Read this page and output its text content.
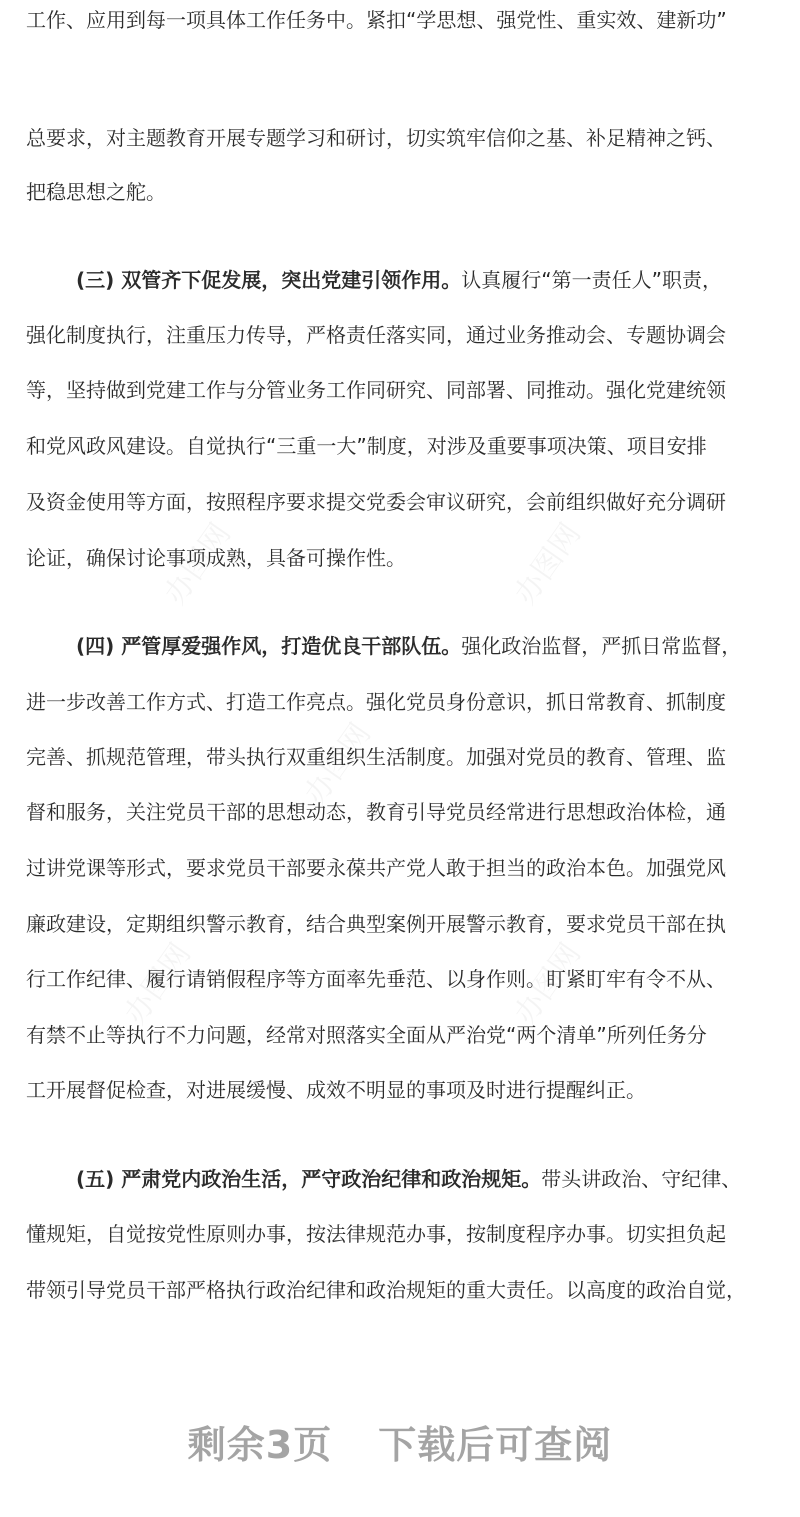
工作、应用到每一项具体工作任务中。紧扣“学思想、强党性、重实效、建新功”
总要求，对主题教育开展专题学习和研讨，切实筑牢信仰之基、补足精神之钙、
把稳思想之舵。
(三) 双管齐下促发展，突出党建引领作用。认真履行“第一责任人”职责，
强化制度执行，注重压力传导，严格责任落实同，通过业务推动会、专题协调会
等，坚持做到党建工作与分管业务工作同研究、同部署、同推动。强化党建统领
和党风政风建设。自觉执行“三重一大”制度，对涉及重要事项决策、项目安排
及资金使用等方面，按照程序要求提交党委会审议研究，会前组织做好充分调研
论证，确保讨论事项成熟，具备可操作性。
(四) 严管厚爱强作风，打造优良干部队伍。强化政治监督，严抓日常监督，
进一步改善工作方式、打造工作亮点。强化党员身份意识，抓日常教育、抓制度
完善、抓规范管理，带头执行双重组织生活制度。加强对党员的教育、管理、监
督和服务，关注党员干部的思想动态，教育引导党员经常进行思想政治体检，通
过讲党课等形式，要求党员干部要永葆共产党人敢于担当的政治本色。加强党风
廉政建设，定期组织警示教育，结合典型案例开展警示教育，要求党员干部在执
行工作纪律、履行请销假程序等方面率先垂范、以身作则。盯紧盯牢有令不从、
有禁不止等执行不力问题，经常对照落实全面从严治党“两个清单”所列任务分
工开展督促检查，对进展缓慢、成效不明显的事项及时进行提醒纠正。
(五) 严肃党内政治生活，严守政治纪律和政治规矩。带头讲政治、守纪律、
懂规矩，自觉按党性原则办事，按法律规范办事，按制度程序办事。切实担负起
带领引导党员干部严格执行政治纪律和政治规矩的重大责任。以高度的政治自觉，
剩余3页 下载后可查阅
